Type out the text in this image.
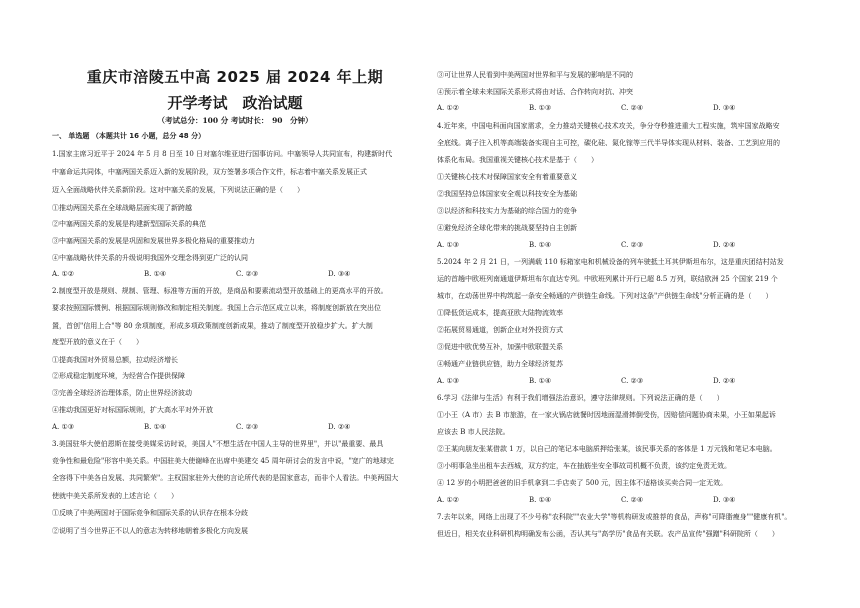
重庆市涪陵五中高 2025 届 2024 年上期
开学考试　政治试题
（考试总分：100 分 考试时长：　90　分钟）
一、 单选题 （本题共计 16 小题，总分 48 分）
1.国家主席习近平于 2024 年 5 月 8 日至 10 日对塞尔维亚进行国事访问。中塞领导人共同宣布，构建新时代
中塞命运共同体，中塞两国关系迈入新的发展阶段，双方签署多项合作文件，标志着中塞关系发展正式
迈入全面战略伙伴关系新阶段。这对中塞关系的发展，下列说法正确的是（　　）
①推动两国关系在全球战略层面实现了新跨越
②中塞两国关系的发展是构建新型国际关系的典范
③中塞两国关系的发展是巩固和发展世界多极化格局的重要推动力
④中塞战略伙伴关系的升级说明我国外交理念得到更广泛的认同
2.制度型开放是规则、规制、管理、标准等方面的开放，是商品和要素流动型开放基础上的更高水平的开放。
要求按照国际惯例、根据国际规则修改和制定相关制度。我国上合示范区成立以来，将制度创新放在突出位
置，首创"信用上合"等 80 余项制度，形成多项政策制度创新成果，推动了制度型开放稳步扩大。扩大制
度型开放的意义在于（　　）
①提高我国对外贸易总额，拉动经济增长
②形成稳定制度环境，为经营合作提供保障
③完善全球经济治理体系，防止世界经济波动
④推动我国更好对标国际规则，扩大高水平对外开放
3.美国驻华大使伯恩斯在接受美媒采访时说，美国人"不想生活在中国人主导的世界里"，并以"最重要、最具
竞争性和最危险"形容中美关系。中国驻美大使谢峰在出席中美建交 45 周年研讨会的发言中说，"宽广的地球完
全容得下中美各自发展、共同繁荣"。主权国家驻外大使的言论所代表的是国家意志，而非个人看法。中美两国大
使就中美关系所发表的上述言论（　　）
①反映了中美两国对于国际竞争和国际关系的认识存在根本分歧
②说明了当今世界正不以人的意志为转移地朝着多极化方向发展
A. ①②	B. ①④	C. ②③	D. ③④
A. ①③	B. ①④	C. ②③	D. ②④
③可让世界人民看到中美两国对世界和平与发展的影响是不同的
④预示着全球未来国际关系形式将由对话、合作转向对抗、冲突
A. ①②	B. ①③	C. ②④	D. ③④
4.近年来，中国电科面向国家需求，全力推动关键核心技术攻关，争分夺秒推进重大工程实施，筑牢国家战略安
全底线。离子注入机等高端装备实现自主可控，碳化硅、氮化镓等三代半导体实现从材料、装备、工艺到应用的
体系化布局。我国重视关键核心技术是基于（　　）
①关键核心技术对保障国家安全有着重要意义
②我国坚持总体国家安全观以科技安全为基础
③以经济和科技实力为基础的综合国力的竞争
④避免经济全球化带来的挑战要坚持自主创新
A. ①③	B. ①④	C. ②③	D. ②④
5.2024 年 2 月 21 日，一列满载 110 标箱家电和机械设备的列车驶抵土耳其伊斯坦布尔，这是重庆团结村站发
运的首趟中欧班列南通道伊斯坦布尔直达专列。中欧班列累计开行已超 8.5 万列，联结欧洲 25 个国家 219 个
城市，在动荡世界中构筑起一条安全畅通的产供链生命线。下列对这条"产供链生命线"分析正确的是（　　）
①降低货运成本，提高亚欧大陆物流效率
②拓展贸易通道，创新企业对外投资方式
③促进中欧优势互补，加强中欧联盟关系
④畅通产业链供应链，助力全球经济复苏
A. ①③	B. ①④	C. ②③	D. ②④
6.学习《法律与生活》有利于我们增强法治意识，遵守法律规则。下列说法正确的是（　　）
①小王（A 市）去 B 市旅游，在一家火锅店就餐时因地面湿滑摔倒受伤，因赔偿问题协商未果，小王如果起诉
应该去 B 市人民法院。
②王某向朋友张某借款 1 万，以自己的笔记本电脑质押给张某，该民事关系的客体是 1 万元钱和笔记本电脑。
③小明事急坐出租车去西城，双方约定，车在抽筋坐安全事故司机概不负责，该约定免责无效。
④ 12 岁的小明把爸爸的旧手机拿到二手店卖了 500 元，因主体不适格该买卖合同一定无效。
A. ①②	B. ①④	C. ②④	D. ③④
7.去年以来，网络上出现了不少号称"农科院""农业大学"等机构研发或推荐的食品，声称"可降脂瘦身""健康有机"。
但近日，相关农业科研机构明确发布公函，否认其与"高学历"食品有关联。农产品宣传"强蹭"科研院所（　　）
